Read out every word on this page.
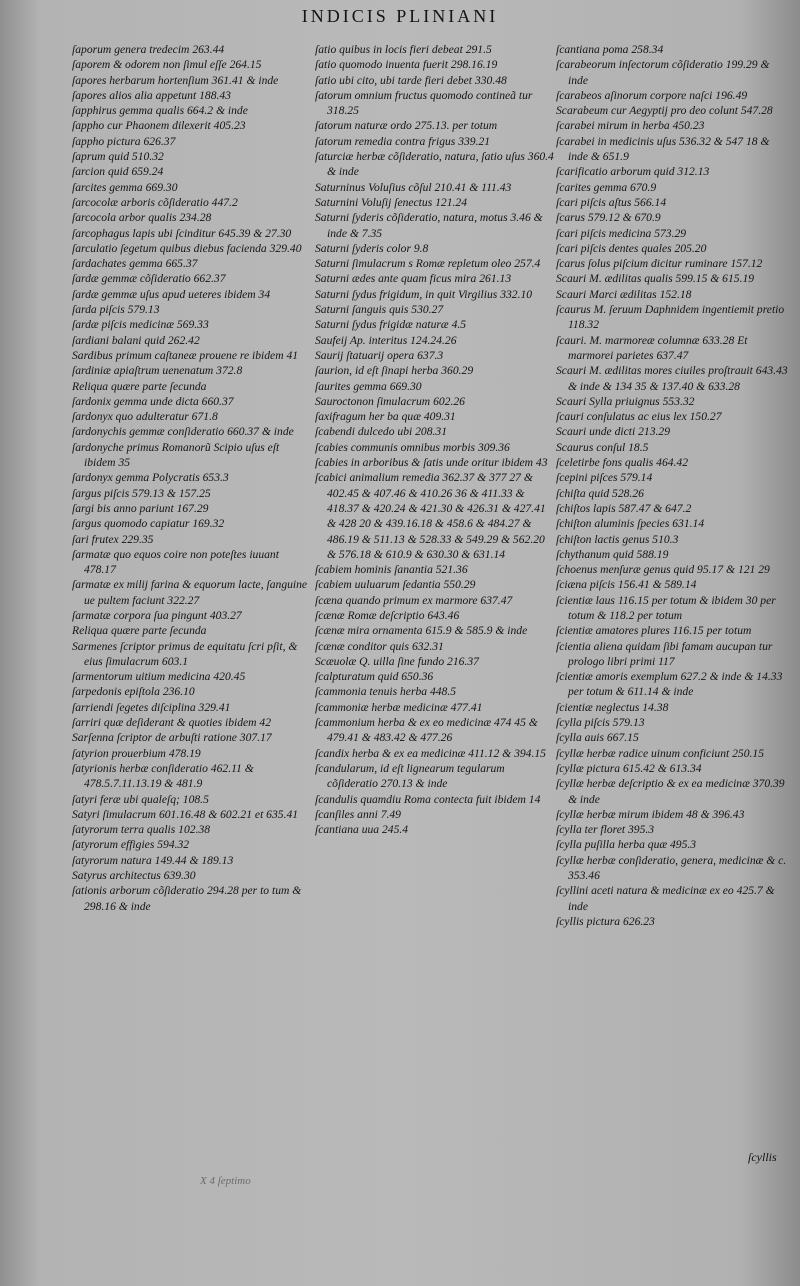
INDICIS PLINIANI
ſaporum genera tredecim 263.44
ſaporem & odorem non ſimul eſſe 264.15
ſapores herbarum hortenſium 361.41 & inde
ſapores alios alia appetunt 188.43
ſapphirus gemma qualis 664.2 & inde
ſappho cur Phaonem dilexerit 405.23
ſappho pictura 626.37
ſaprum quid 510.32
ſarcion quid 659.24
ſarcites gemma 669.30
ſarcocolæ arboris cõſideratio 447.2
ſarcocola arbor qualis 234.28
ſarcophagus lapis ubi ſcinditur 645.39 & 27.30
ſarculatio ſegetum quibus diebus facienda 329.40
ſardachates gemma 665.37
ſardæ gemmæ cõſideratio 662.37
ſardæ gemmæ uſus apud ueteres ibidem 34
ſarda piſcis 579.13
ſardæ piſcis medicinæ 569.33
ſardiani balani quid 262.42
Sardibus primum caſtaneæ prouene re ibidem 41
ſardiniæ apiaſtrum uenenatum 372.8
Reliqua quære parte ſecunda
ſardonix gemma unde dicta 660.37
ſardonyx quo adulteratur 671.8
ſardonychis gemmæ conſideratio 660.37 & inde
ſardonyche primus Romanorũ Scipio uſus eſt ibidem 35
ſardonyx gemma Polycratis 653.3
ſargus piſcis 579.13 & 157.25
ſargi bis anno pariunt 167.29
ſargus quomodo capiatur 169.32
ſari frutex 229.35
ſarmatæ quo equos coire non poteſtes iuuant 478.17
ſarmatæ ex milij farina & equorum lacte, ſanguine ue pultem faciunt 322.27
ſarmatæ corpora ſua pingunt 403.27
Reliqua quære parte ſecunda
Sarmenes ſcriptor primus de equitatu ſcri pſit, & eius ſimulacrum 603.1
ſarmentorum uitium medicina 420.45
ſarpedonis epiſtola 236.10
ſarriendi ſegetes diſciplina 329.41
ſarriri quæ deſiderant & quoties ibidem 42
Sarſenna ſcriptor de arbuſti ratione 307.17
ſatyrion prouerbium 478.19
ſatyrionis herbæ conſideratio 462.11 & 478.5.7.11.13.19 & 481.9
ſatyri feræ ubi qualeſq; 108.5
Satyri ſimulacrum 601.16.48 & 602.21 et 635.41
ſatyrorum terra qualis 102.38
ſatyrorum effigies 594.32
ſatyrorum natura 149.44 & 189.13
Satyrus architectus 639.30
ſationis arborum cõſideratio 294.28 per to tum & 298.16 & inde
ſatio quibus in locis fieri debeat 291.5
ſatio quomodo inuenta fuerit 298.16.19
ſatio ubi cito, ubi tarde fieri debet 330.48
ſatorum omnium fructus quomodo contineã tur 318.25
ſatorum naturæ ordo 275.13. per totum
ſatorum remedia contra frigus 339.21
ſaturciæ herbæ cõſideratio, natura, ſatio uſus 360.4 & inde
Saturninus Voluſius cõſul 210.41 & 111.43
Saturnini Voluſij ſenectus 121.24
Saturni ſyderis cõſideratio, natura, motus 3.46 & inde & 7.35
Saturni ſyderis color 9.8
Saturni ſimulacrum s Romæ repletum oleo 257.4
Saturni ædes ante quam ficus mira 261.13
Saturni ſydus frigidum, in quit Virgilius 332.10
Saturni ſanguis quis 530.27
Saturni ſydus frigidæ naturæ 4.5
Saufeij Ap. interitus 124.24.26
Saurij ſtatuarij opera 637.3
ſaurion, id eſt ſinapi herba 360.29
ſaurites gemma 669.30
Sauroctonon ſimulacrum 602.26
ſaxifragum her ba quæ 409.31
ſcabendi dulcedo ubi 208.31
ſcabies communis omnibus morbis 309.36
ſcabies in arboribus & ſatis unde oritur ibidem 43
ſcabici animalium remedia 362.37 & 377 27 & 402.45 & 407.46 & 410.26 36 & 411.33 & 418.37 & 420.24 & 421.30 & 426.31 & 427.41 & 428 20 & 439.16.18 & 458.6 & 484.27 & 486.19 & 511.13 & 528.33 & 549.29 & 562.20 & 576.18 & 610.9 & 630.30 & 631.14
ſcabiem hominis ſanantia 521.36
ſcabiem uuluarum ſedantia 550.29
ſcæna quando primum ex marmore 637.47
ſcænæ Romæ deſcriptio 643.46
ſcænæ mira ornamenta 615.9 & 585.9 & inde
ſcænæ conditor quis 632.31
Scæuolæ Q. uilla ſine fundo 216.37
ſcalpturatum quid 650.36
ſcammonia tenuis herba 448.5
ſcammoniæ herbæ medicinæ 477.41
ſcammonium herba & ex eo medicinæ 474 45 & 479.41 & 483.42 & 477.26
ſcandix herba & ex ea medicinæ 411.12 & 394.15
ſcandularum, id eſt lignearum tegularum cõſideratio 270.13 & inde
ſcandulis quamdiu Roma contecta fuit ibidem 14
ſcanſiles anni 7.49
ſcantiana uua 245.4
ſcantiana poma 258.34
ſcarabeorum inſectorum cõſideratio 199.29 & inde
ſcarabeos aſinorum corpore naſci 196.49
Scarabeum cur Aegyptij pro deo colunt 547.28
ſcarabei mirum in herba 450.23
ſcarabei in medicinis uſus 536.32 & 547 18 & inde & 651.9
ſcarificatio arborum quid 312.13
ſcarites gemma 670.9
ſcari piſcis aſtus 566.14
ſcarus 579.12 & 670.9
ſcari piſcis medicina 573.29
ſcari piſcis dentes quales 205.20
ſcarus ſolus piſcium dicitur ruminare 157.12
Scauri M. ædilitas qualis 599.15 & 615.19
Scauri Marci ædilitas 152.18
ſcaurus M. ſeruum Daphnidem ingentiemit pretio 118.32
ſcauri. M. marmoreæ columnæ 633.28 Et marmorei parietes 637.47
Scauri M. ædilitas mores ciuiles proſtrauit 643.43 & inde & 134 35 & 137.40 & 633.28
Scauri Sylla priuignus 553.32
ſcauri conſulatus ac eius lex 150.27
Scauri unde dicti 213.29
Scaurus conſul 18.5
ſceletirbe fons qualis 464.42
ſcepini piſces 579.14
ſchiſta quid 528.26
ſchiſtos lapis 587.47 & 647.2
ſchiſton aluminis ſpecies 631.14
ſchiſton lactis genus 510.3
ſchythanum quid 588.19
ſchoenus menſuræ genus quid 95.17 & 121 29
ſciæna piſcis 156.41 & 589.14
ſcientiæ laus 116.15 per totum & ibidem 30 per totum & 118.2 per totum
ſcientiæ amatores plures 116.15 per totum
ſcientia aliena quidam ſibi famam aucupan tur prologo libri primi 117
ſcientiæ amoris exemplum 627.2 & inde & 14.33 per totum & 611.14 & inde
ſcientiæ neglectus 14.38
ſcylla piſcis 579.13
ſcylla auis 667.15
ſcyllæ herbæ radice uinum conficiunt 250.15
ſcyllæ pictura 615.42 & 613.34
ſcyllæ herbæ deſcriptio & ex ea medicinæ 370.39 & inde
ſcyllæ herbæ mirum ibidem 48 & 396.43
ſcylla ter floret 395.3
ſcylla puſilla herba quæ 495.3
ſcyllæ herbæ conſideratio, genera, medicinæ & c. 353.46
ſcyllini aceti natura & medicinæ ex eo 425.7 & inde
ſcyllis pictura 626.23
X 4 ſeptimo
ſcyllis
